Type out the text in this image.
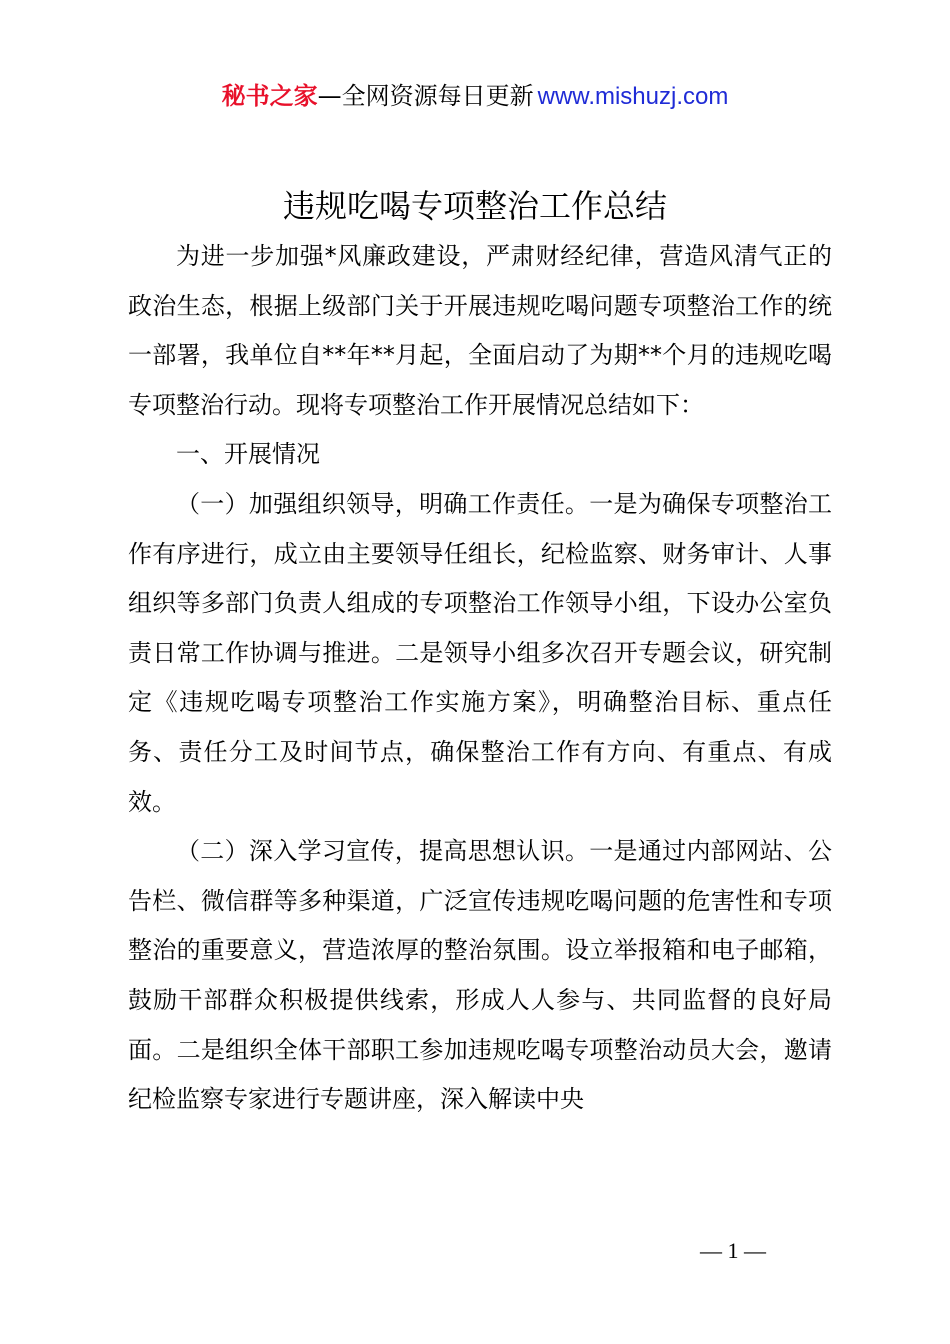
秘书之家—全网资源每日更新 www.mishuzj.com
违规吃喝专项整治工作总结

为进一步加强*风廉政建设，严肃财经纪律，营造风清气正的政治生态，根据上级部门关于开展违规吃喝问题专项整治工作的统一部署，我单位自**年**月起，全面启动了为期**个月的违规吃喝专项整治行动。现将专项整治工作开展情况总结如下：

一、开展情况

（一）加强组织领导，明确工作责任。一是为确保专项整治工作有序进行，成立由主要领导任组长，纪检监察、财务审计、人事组织等多部门负责人组成的专项整治工作领导小组，下设办公室负责日常工作协调与推进。二是领导小组多次召开专题会议，研究制定《违规吃喝专项整治工作实施方案》，明确整治目标、重点任务、责任分工及时间节点，确保整治工作有方向、有重点、有成效。

（二）深入学习宣传，提高思想认识。一是通过内部网站、公告栏、微信群等多种渠道，广泛宣传违规吃喝问题的危害性和专项整治的重要意义，营造浓厚的整治氛围。设立举报箱和电子邮箱，鼓励干部群众积极提供线索，形成人人参与、共同监督的良好局面。二是组织全体干部职工参加违规吃喝专项整治动员大会，邀请纪检监察专家进行专题讲座，深入解读中央

— 1 —
